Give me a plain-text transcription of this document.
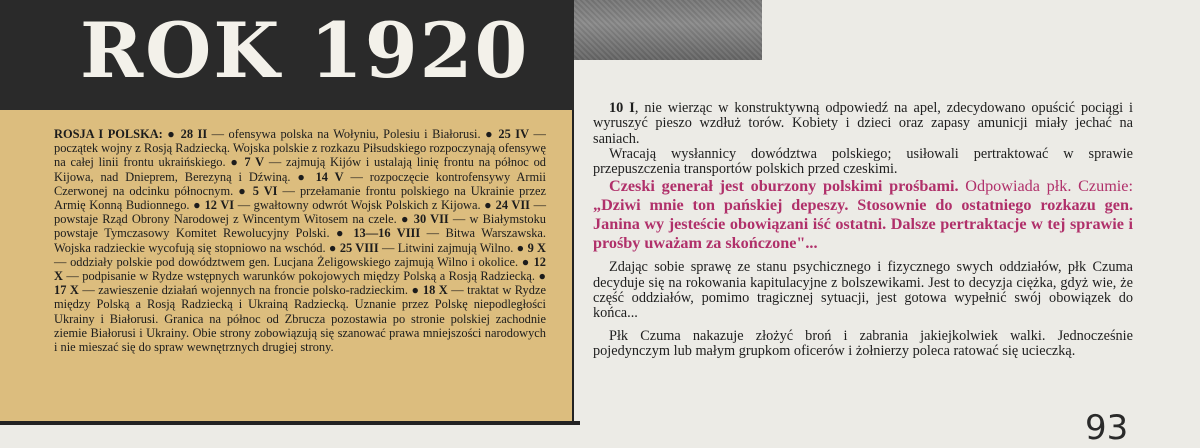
ROK 1920
ROSJA I POLSKA: ● 28 II — ofensywa polska na Wołyniu, Polesiu i Białorusi. ● 25 IV — początek wojny z Rosją Radziecką. Wojska polskie z rozkazu Piłsudskiego rozpoczynają ofensywę na całej linii frontu ukraińskiego. ● 7 V — zajmują Kijów i ustalają linię frontu na północ od Kijowa, nad Dnieprem, Berezyną i Dźwiną. ● 14 V — rozpoczęcie kontrofensywy Armii Czerwonej na odcinku północnym. ● 5 VI — przełamanie frontu polskiego na Ukrainie przez Armię Konną Budionnego. ● 12 VI — gwałtowny odwrót Wojsk Polskich z Kijowa. ● 24 VII — powstaje Rząd Obrony Narodowej z Wincentym Witosem na czele. ● 30 VII — w Białymstoku powstaje Tymczasowy Komitet Rewolucyjny Polski. ● 13—16 VIII — Bitwa Warszawska. Wojska radzieckie wycofują się stopniowo na wschód. ● 25 VIII — Litwini zajmują Wilno. ● 9 X — oddziały polskie pod dowództwem gen. Lucjana Żeligowskiego zajmują Wilno i okolice. ● 12 X — podpisanie w Rydze wstępnych warunków pokojowych między Polską a Rosją Radziecką. ● 17 X — zawieszenie działań wojennych na froncie polsko-radzieckim. ● 18 X — traktat w Rydze między Polską a Rosją Radziecką i Ukrainą Radziecką. Uznanie przez Polskę niepodległości Ukrainy i Białorusi. Granica na północ od Zbrucza pozostawia po stronie polskiej zachodnie ziemie Białorusi i Ukrainy. Obie strony zobowiązują się szanować prawa mniejszości narodowych i nie mieszać się do spraw wewnętrznych drugiej strony.

10 I, nie wierząc w konstruktywną odpowiedź na apel, zdecydowano opuścić pociągi i wyruszyć pieszo wzdłuż torów. Kobiety i dzieci oraz zapasy amunicji miały jechać na saniach.

Wracają wysłannicy dowództwa polskiego; usiłowali pertraktować w sprawie przepuszczenia transportów polskich przed czeskimi.

Czeski generał jest oburzony polskimi prośbami. Odpowiada płk. Czumie: „Dziwi mnie ton pańskiej depeszy. Stosownie do ostatniego rozkazu gen. Janina wy jesteście obowiązani iść ostatni. Dalsze pertraktacje w tej sprawie i prośby uważam za skończone"...

Zdając sobie sprawę ze stanu psychicznego i fizycznego swych oddziałów, płk Czuma decyduje się na rokowania kapitulacyjne z bolszewikami. Jest to decyzja ciężka, gdyż wie, że część oddziałów, pomimo tragicznej sytuacji, jest gotowa wypełnić swój obowiązek do końca...

Płk Czuma nakazuje złożyć broń i zabrania jakiejkolwiek walki. Jednocześnie pojedynczym lub małym grupkom oficerów i żołnierzy poleca ratować się ucieczką.

93
